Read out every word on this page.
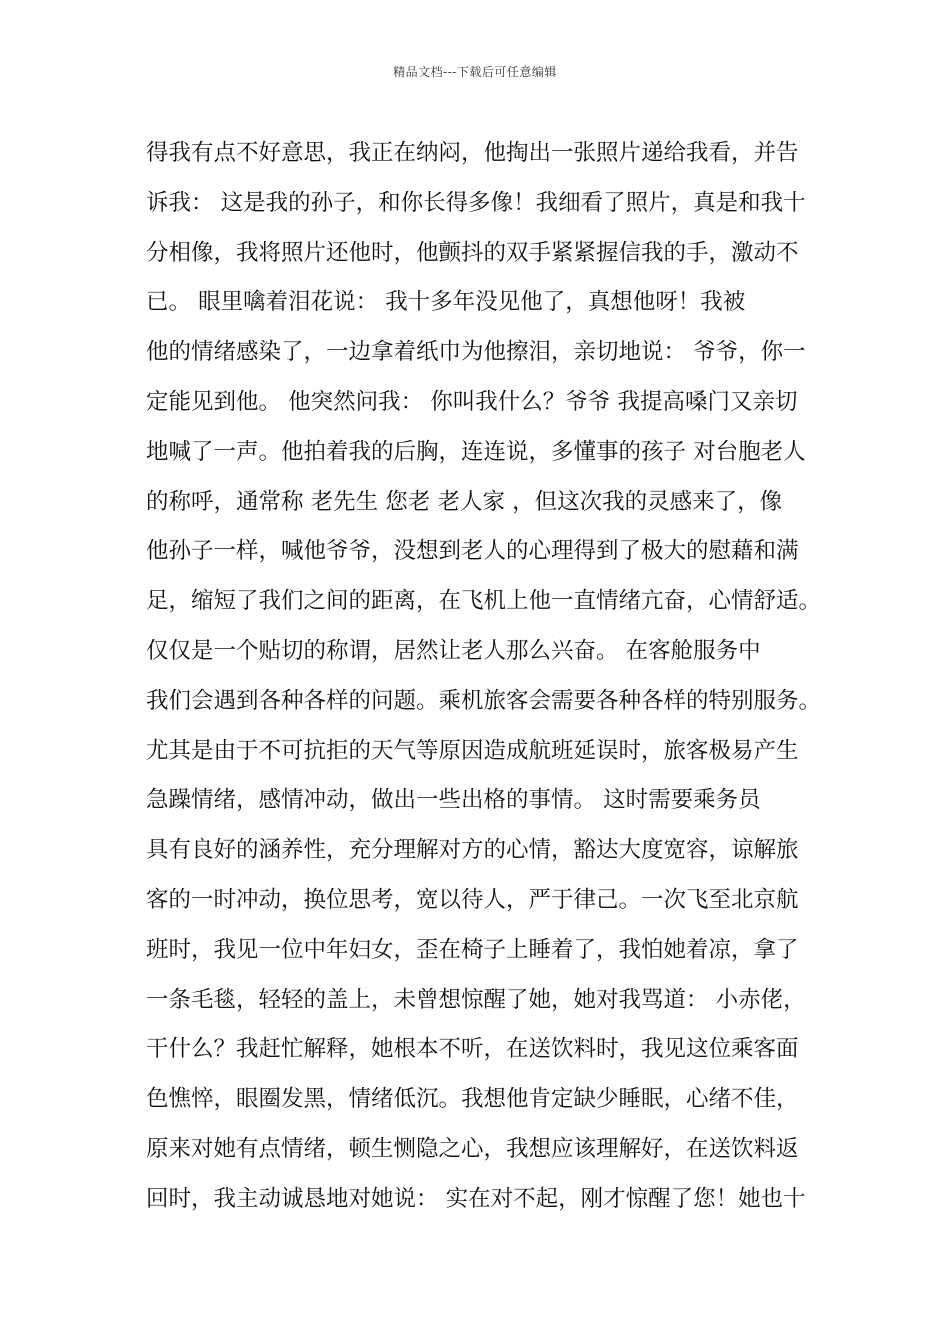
精品文档---下载后可任意编辑
得我有点不好意思，我正在纳闷，他掏出一张照片递给我看，并告
诉我： 这是我的孙子，和你长得多像！我细看了照片，真是和我十
分相像，我将照片还他时，他颤抖的双手紧紧握信我的手，激动不
已。 眼里噙着泪花说： 我十多年没见他了，真想他呀！我被
他的情绪感染了，一边拿着纸巾为他擦泪，亲切地说： 爷爷，你一
定能见到他。 他突然问我： 你叫我什么？爷爷 我提高嗓门又亲切
地喊了一声。他拍着我的后胸，连连说，多懂事的孩子 对台胞老人
的称呼，通常称 老先生 您老 老人家 ，但这次我的灵感来了，像
他孙子一样，喊他爷爷，没想到老人的心理得到了极大的慰藉和满
足，缩短了我们之间的距离，在飞机上他一直情绪亢奋，心情舒适。
仅仅是一个贴切的称谓，居然让老人那么兴奋。 在客舱服务中
我们会遇到各种各样的问题。乘机旅客会需要各种各样的特别服务。
尤其是由于不可抗拒的天气等原因造成航班延误时，旅客极易产生
急躁情绪，感情冲动，做出一些出格的事情。 这时需要乘务员
具有良好的涵养性，充分理解对方的心情，豁达大度宽容，谅解旅
客的一时冲动，换位思考，宽以待人，严于律己。一次飞至北京航
班时，我见一位中年妇女，歪在椅子上睡着了，我怕她着凉，拿了
一条毛毯，轻轻的盖上，未曾想惊醒了她，她对我骂道： 小赤佬，
干什么？我赶忙解释，她根本不听，在送饮料时，我见这位乘客面
色憔悴，眼圈发黑，情绪低沉。我想他肯定缺少睡眠，心绪不佳，
原来对她有点情绪，顿生恻隐之心，我想应该理解好，在送饮料返
回时，我主动诚恳地对她说： 实在对不起，刚才惊醒了您！她也十
